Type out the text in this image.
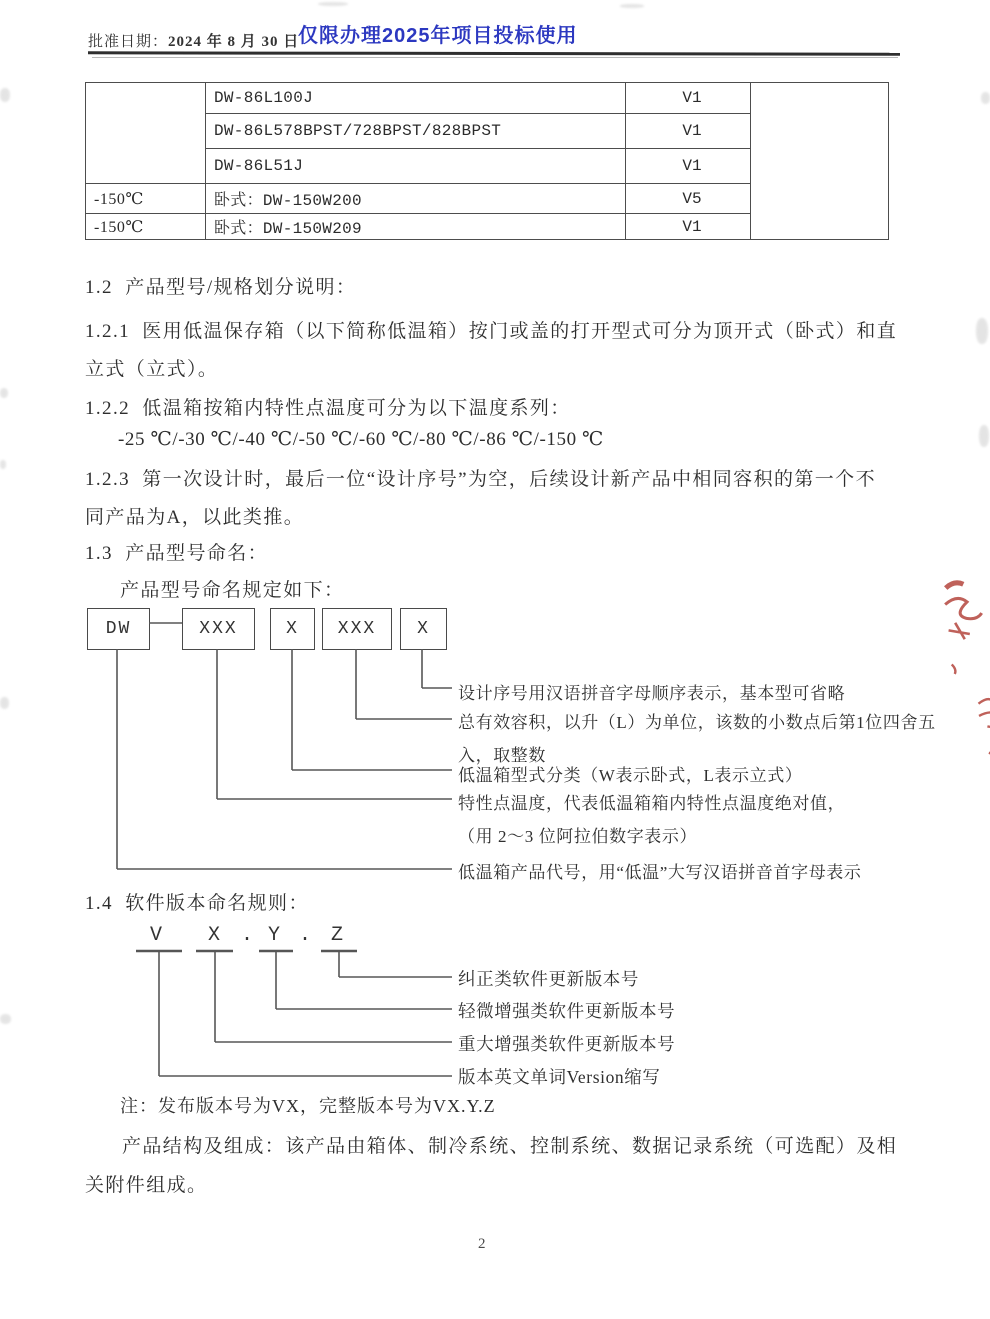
批准日期：2024 年 8 月 30 日
仅限办理2025年项目投标使用
	DW-86L100J	V1	
	DW-86L578BPST/728BPST/828BPST	V1	
	DW-86L51J	V1	
-150℃	卧式：DW-150W200	V5	
-150℃	卧式：DW-150W209	V1	
1.2  产品型号/规格划分说明：
1.2.1  医用低温保存箱（以下简称低温箱）按门或盖的打开型式可分为顶开式（卧式）和直
立式（立式）。
1.2.2  低温箱按箱内特性点温度可分为以下温度系列：
-25 ℃/-30 ℃/-40 ℃/-50 ℃/-60 ℃/-80 ℃/-86 ℃/-150 ℃
1.2.3  第一次设计时，最后一位“设计序号”为空，后续设计新产品中相同容积的第一个不
同产品为A，以此类推。
1.3  产品型号命名：
产品型号命名规定如下：
DW	XXX	X	XXX	X
设计序号用汉语拼音字母顺序表示，基本型可省略
总有效容积，以升（L）为单位，该数的小数点后第1位四舍五入，取整数
低温箱型式分类（W表示卧式，L表示立式）
特性点温度，代表低温箱箱内特性点温度绝对值，
（用 2～3 位阿拉伯数字表示）
低温箱产品代号，用“低温”大写汉语拼音首字母表示
1.4  软件版本命名规则：
V X . Y . Z
纠正类软件更新版本号
轻微增强类软件更新版本号
重大增强类软件更新版本号
版本英文单词Version缩写
注：发布版本号为VX，完整版本号为VX.Y.Z
产品结构及组成：该产品由箱体、制冷系统、控制系统、数据记录系统（可选配）及相
关附件组成。
2
